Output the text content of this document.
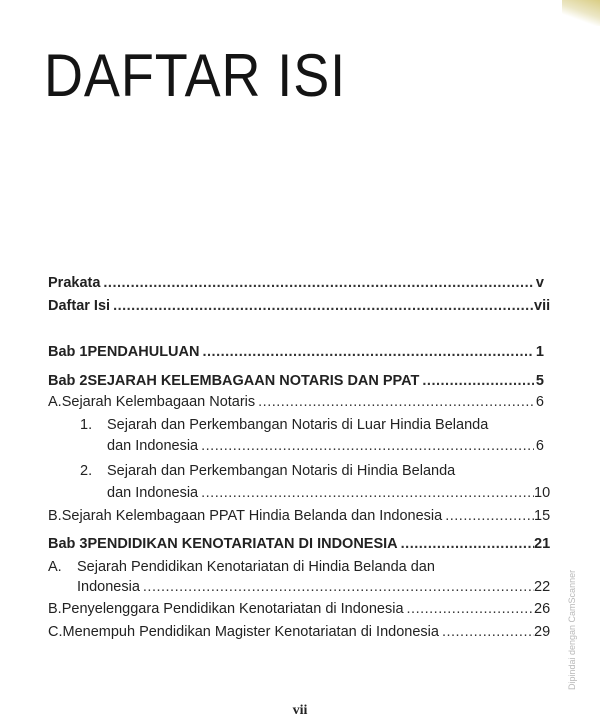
DAFTAR ISI
Prakata .....	v
Daftar Isi .....	vii
Bab 1 PENDAHULUAN .....	1
Bab 2 SEJARAH KELEMBAGAAN NOTARIS DAN PPAT .....	5
A. Sejarah Kelembagaan Notaris .....	6
1. Sejarah dan Perkembangan Notaris di Luar Hindia Belanda
dan Indonesia .....	6
2. Sejarah dan Perkembangan Notaris di Hindia Belanda
dan Indonesia .....	10
B. Sejarah Kelembagaan PPAT Hindia Belanda dan Indonesia .....	15
Bab 3 PENDIDIKAN KENOTARIATAN DI INDONESIA .....	21
A. Sejarah Pendidikan Kenotariatan di Hindia Belanda dan
Indonesia .....	22
B. Penyelenggara Pendidikan Kenotariatan di Indonesia .....	26
C. Menempuh Pendidikan Magister Kenotariatan di Indonesia .....	29
vii
Dipindai dengan CamScanner
